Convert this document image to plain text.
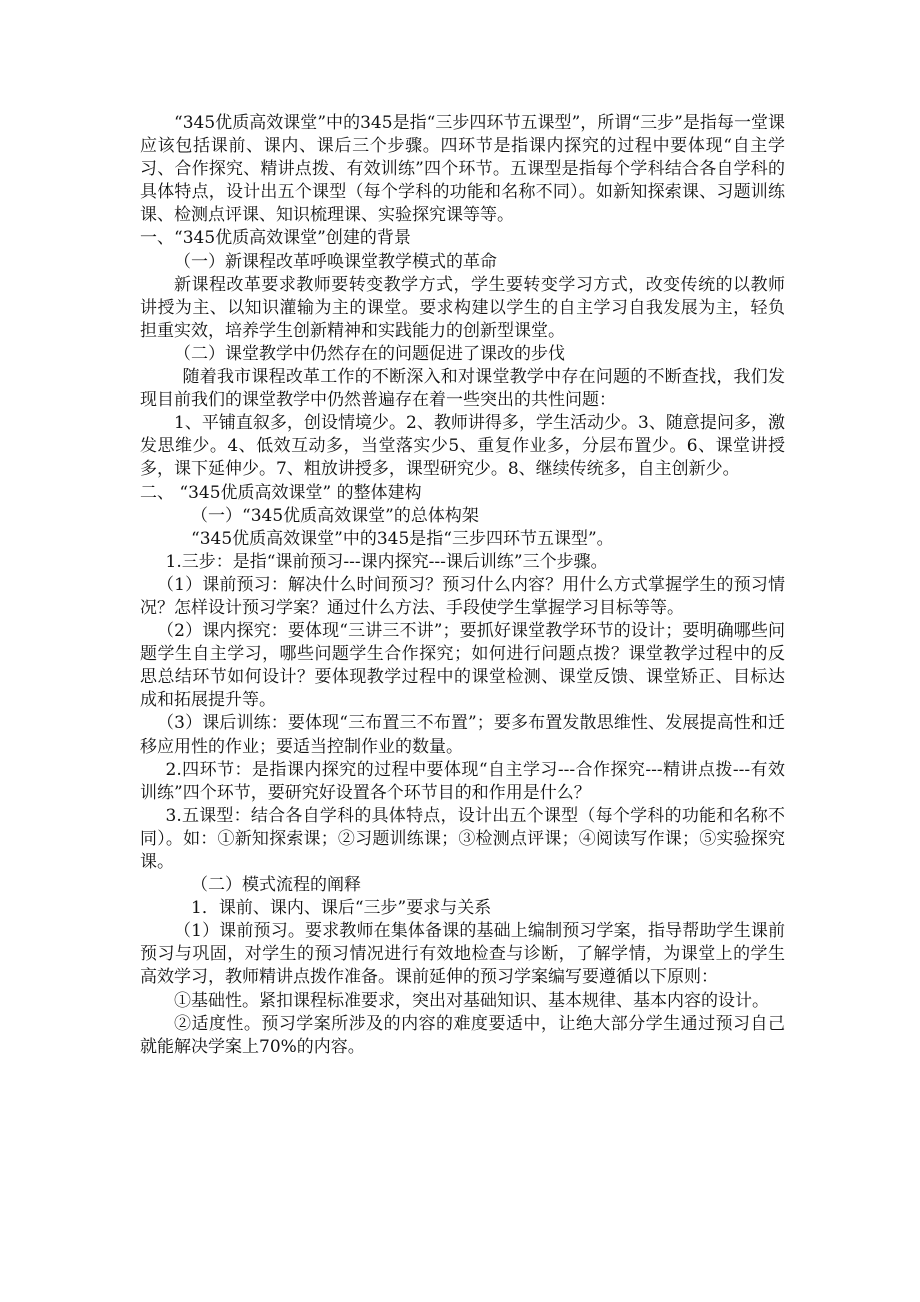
“345优质高效课堂”中的345是指“三步四环节五课型”，所谓“三步”是指每一堂课应该包括课前、课内、课后三个步骤。四环节是指课内探究的过程中要体现“自主学习、合作探究、精讲点拨、有效训练”四个环节。五课型是指每个学科结合各自学科的具体特点，设计出五个课型（每个学科的功能和名称不同）。如新知探索课、习题训练课、检测点评课、知识梳理课、实验探究课等等。

一、“345优质高效课堂”创建的背景

（一）新课程改革呼唤课堂教学模式的革命

新课程改革要求教师要转变教学方式，学生要转变学习方式，改变传统的以教师讲授为主、以知识灌输为主的课堂。要求构建以学生的自主学习自我发展为主，轻负担重实效，培养学生创新精神和实践能力的创新型课堂。

（二）课堂教学中仍然存在的问题促进了课改的步伐

随着我市课程改革工作的不断深入和对课堂教学中存在问题的不断查找，我们发现目前我们的课堂教学中仍然普遍存在着一些突出的共性问题：

1、平铺直叙多，创设情境少。2、教师讲得多，学生活动少。3、随意提问多，激发思维少。4、低效互动多，当堂落实少5、重复作业多，分层布置少。6、课堂讲授多，课下延伸少。7、粗放讲授多，课型研究少。8、继续传统多，自主创新少。

二、 “345优质高效课堂” 的整体建构

（一）“345优质高效课堂”的总体构架

“345优质高效课堂”中的345是指“三步四环节五课型”。

1.三步：是指“课前预习---课内探究---课后训练”三个步骤。

（1）课前预习：解决什么时间预习？预习什么内容？用什么方式掌握学生的预习情况？怎样设计预习学案？通过什么方法、手段使学生掌握学习目标等等。

（2）课内探究：要体现“三讲三不讲”；要抓好课堂教学环节的设计；要明确哪些问题学生自主学习，哪些问题学生合作探究；如何进行问题点拨？课堂教学过程中的反思总结环节如何设计？要体现教学过程中的课堂检测、课堂反馈、课堂矫正、目标达成和拓展提升等。

（3）课后训练：要体现“三布置三不布置”；要多布置发散思维性、发展提高性和迁移应用性的作业；要适当控制作业的数量。

2.四环节：是指课内探究的过程中要体现“自主学习---合作探究---精讲点拨---有效训练”四个环节，要研究好设置各个环节目的和作用是什么？

3.五课型：结合各自学科的具体特点，设计出五个课型（每个学科的功能和名称不同）。如：①新知探索课；②习题训练课；③检测点评课；④阅读写作课；⑤实验探究课。

（二）模式流程的阐释

1．课前、课内、课后“三步”要求与关系

（1）课前预习。要求教师在集体备课的基础上编制预习学案，指导帮助学生课前预习与巩固，对学生的预习情况进行有效地检查与诊断，了解学情，为课堂上的学生高效学习，教师精讲点拨作准备。课前延伸的预习学案编写要遵循以下原则：

①基础性。紧扣课程标准要求，突出对基础知识、基本规律、基本内容的设计。

②适度性。预习学案所涉及的内容的难度要适中，让绝大部分学生通过预习自己就能解决学案上70%的内容。
